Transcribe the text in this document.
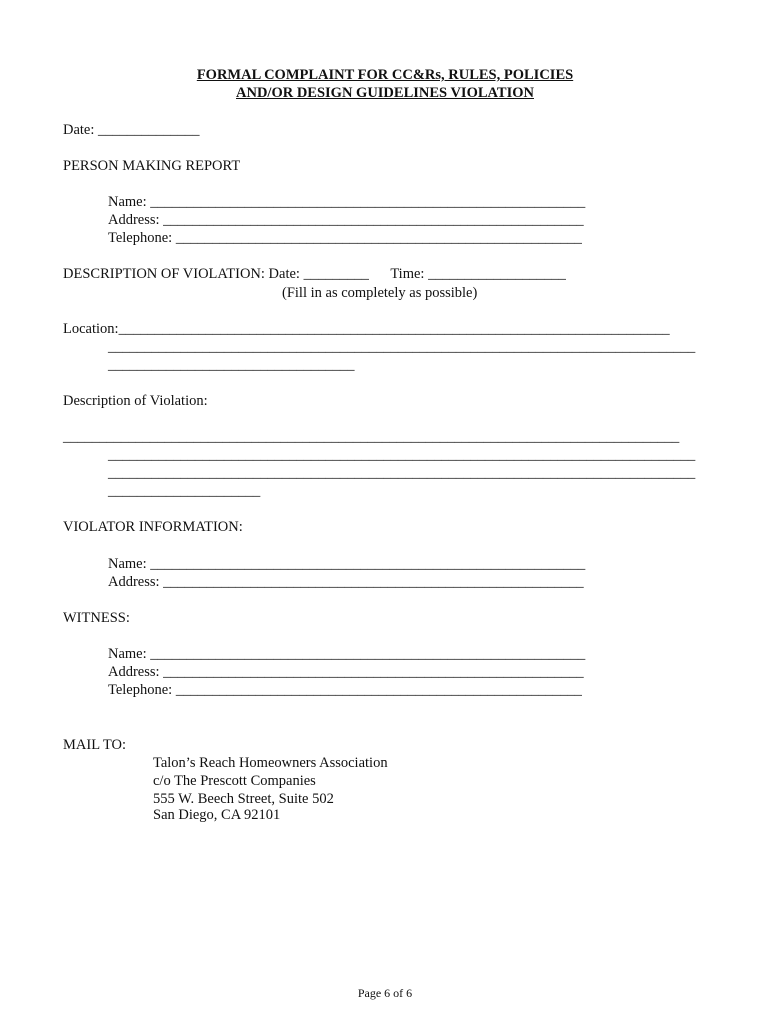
FORMAL COMPLAINT FOR CC&Rs, RULES, POLICIES
AND/OR DESIGN GUIDELINES VIOLATION
Date: ______________
PERSON MAKING REPORT
Name: ____________________________________________________________
Address: __________________________________________________________
Telephone: ________________________________________________________
DESCRIPTION OF VIOLATION: Date: _________      Time: ___________________
(Fill in as completely as possible)
Location:____________________________________________________________________________
_________________________________________________________________________________
__________________________________
Description of Violation:
_____________________________________________________________________________________
_________________________________________________________________________________
_________________________________________________________________________________
_____________________
VIOLATOR INFORMATION:
Name: ____________________________________________________________
Address: __________________________________________________________
WITNESS:
Name: ____________________________________________________________
Address: __________________________________________________________
Telephone: ________________________________________________________
MAIL TO:
Talon’s Reach Homeowners Association
c/o The Prescott Companies
555 W. Beech Street, Suite 502
San Diego, CA 92101
Page 6 of 6
